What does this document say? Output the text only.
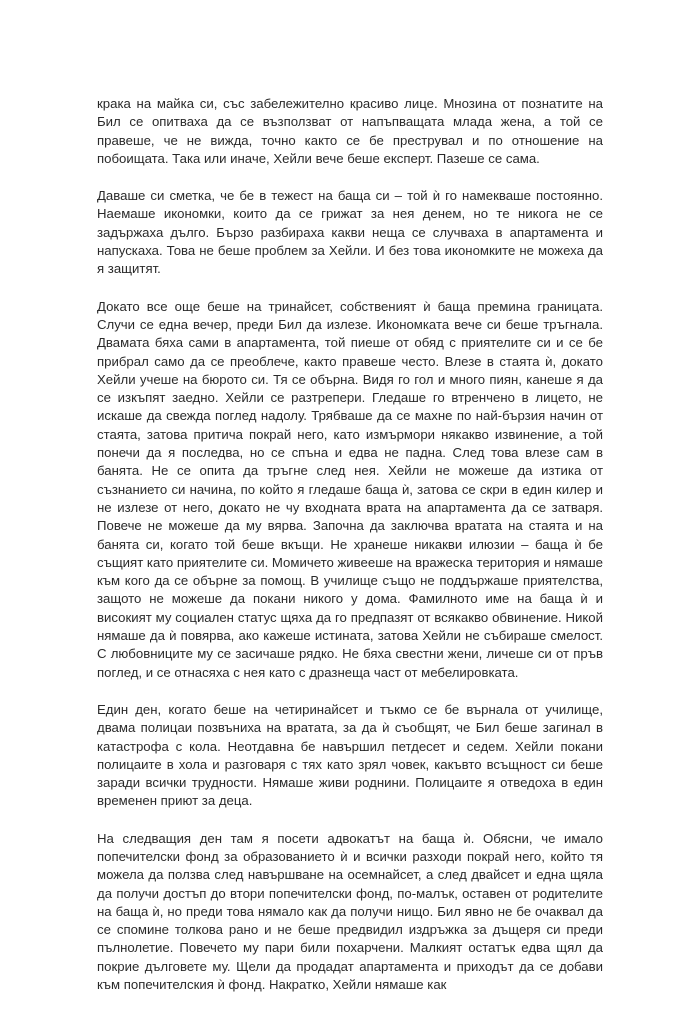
крака на майка си, със забележително красиво лице. Мнозина от познатите на Бил се опитваха да се възползват от напъпващата млада жена, а той се правеше, че не вижда, точно както се бе преструвал и по отношение на побоищата. Така или иначе, Хейли вече беше експерт. Пазеше се сама.

Даваше си сметка, че бе в тежест на баща си – той ѝ го намекваше постоянно. Наемаше икономки, които да се грижат за нея денем, но те никога не се задържаха дълго. Бързо разбираха какви неща се случваха в апартамента и напускаха. Това не беше проблем за Хейли. И без това икономките не можеха да я защитят.

Докато все още беше на тринайсет, собственият ѝ баща премина границата. Случи се една вечер, преди Бил да излезе. Икономката вече си беше тръгнала. Двамата бяха сами в апартамента, той пиеше от обяд с приятелите си и се бе прибрал само да се преоблече, както правеше често. Влезе в стаята ѝ, докато Хейли учеше на бюрото си. Тя се обърна. Видя го гол и много пиян, канеше я да се изкъпят заедно. Хейли се разтрепери. Гледаше го втренчено в лицето, не искаше да свежда поглед надолу. Трябваше да се махне по най-бързия начин от стаята, затова притича покрай него, като измърмори някакво извинение, а той понечи да я последва, но се спъна и едва не падна. След това влезе сам в банята. Не се опита да тръгне след нея. Хейли не можеше да изтика от съзнанието си начина, по който я гледаше баща ѝ, затова се скри в един килер и не излезе от него, докато не чу входната врата на апартамента да се затваря. Повече не можеше да му вярва. Започна да заключва вратата на стаята и на банята си, когато той беше вкъщи. Не хранеше никакви илюзии – баща ѝ бе същият като приятелите си. Момичето живееше на вражеска територия и нямаше към кого да се обърне за помощ. В училище също не поддържаше приятелства, защото не можеше да покани никого у дома. Фамилното име на баща ѝ и високият му социален статус щяха да го предпазят от всякакво обвинение. Никой нямаше да ѝ повярва, ако кажеше истината, затова Хейли не събираше смелост. С любовниците му се засичаше рядко. Не бяха свестни жени, личеше си от пръв поглед, и се отнасяха с нея като с дразнеща част от мебелировката.

Един ден, когато беше на четиринайсет и тъкмо се бе върнала от училище, двама полицаи позвъниха на вратата, за да ѝ съобщят, че Бил беше загинал в катастрофа с кола. Неотдавна бе навършил петдесет и седем. Хейли покани полицаите в хола и разговаря с тях като зрял човек, какъвто всъщност си беше заради всички трудности. Нямаше живи роднини. Полицаите я отведоха в един временен приют за деца.

На следващия ден там я посети адвокатът на баща ѝ. Обясни, че имало попечителски фонд за образованието ѝ и всички разходи покрай него, който тя можела да ползва след навършване на осемнайсет, а след двайсет и една щяла да получи достъп до втори попечителски фонд, по-малък, оставен от родителите на баща ѝ, но преди това нямало как да получи нищо. Бил явно не бе очаквал да се спомине толкова рано и не беше предвидил издръжка за дъщеря си преди пълнолетие. Повечето му пари били похарчени. Малкият остатък едва щял да покрие дълговете му. Щели да продадат апартамента и приходът да се добави към попечителския ѝ фонд. Накратко, Хейли нямаше как
